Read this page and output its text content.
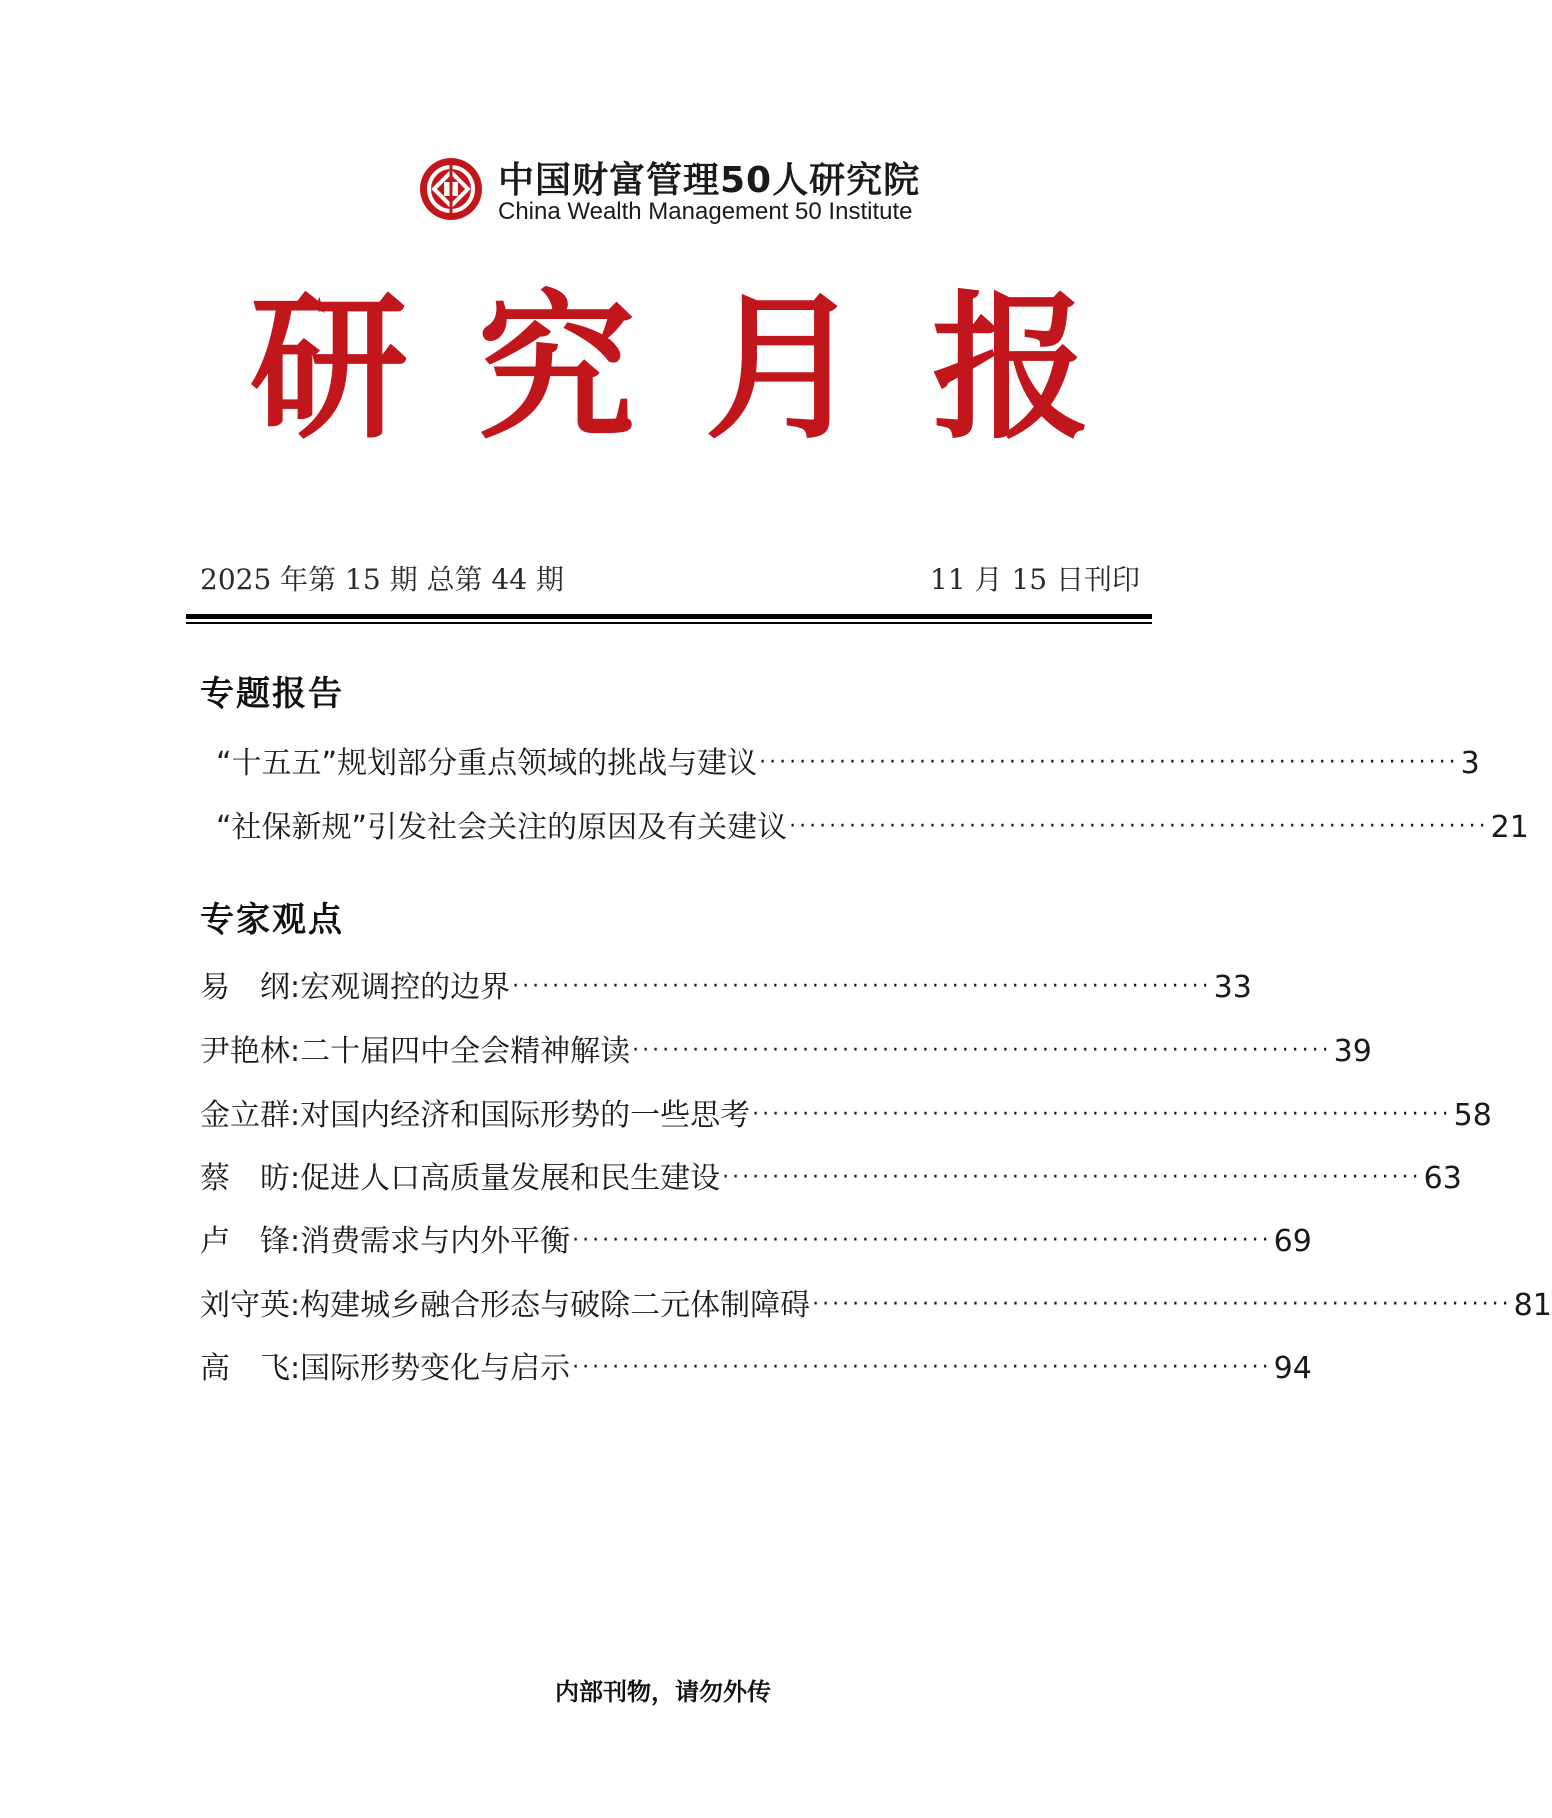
中国财富管理50人研究院
China Wealth Management 50 Institute
研 究 月 报
2025 年第 15 期 总第 44 期	11 月 15 日刊印
专题报告
“十五五”规划部分重点领域的挑战与建议 ······································································ 3
“社保新规”引发社会关注的原因及有关建议 ······································································ 21
专家观点
易　纲 : 宏观调控的边界 ······································································ 33
尹艳林 : 二十届四中全会精神解读 ······································································ 39
金立群 : 对国内经济和国际形势的一些思考 ······································································ 58
蔡　昉 : 促进人口高质量发展和民生建设 ······································································ 63
卢　锋 : 消费需求与内外平衡 ······································································ 69
刘守英 : 构建城乡融合形态与破除二元体制障碍 ······································································ 81
高　飞 : 国际形势变化与启示 ······································································ 94
内部刊物，请勿外传
